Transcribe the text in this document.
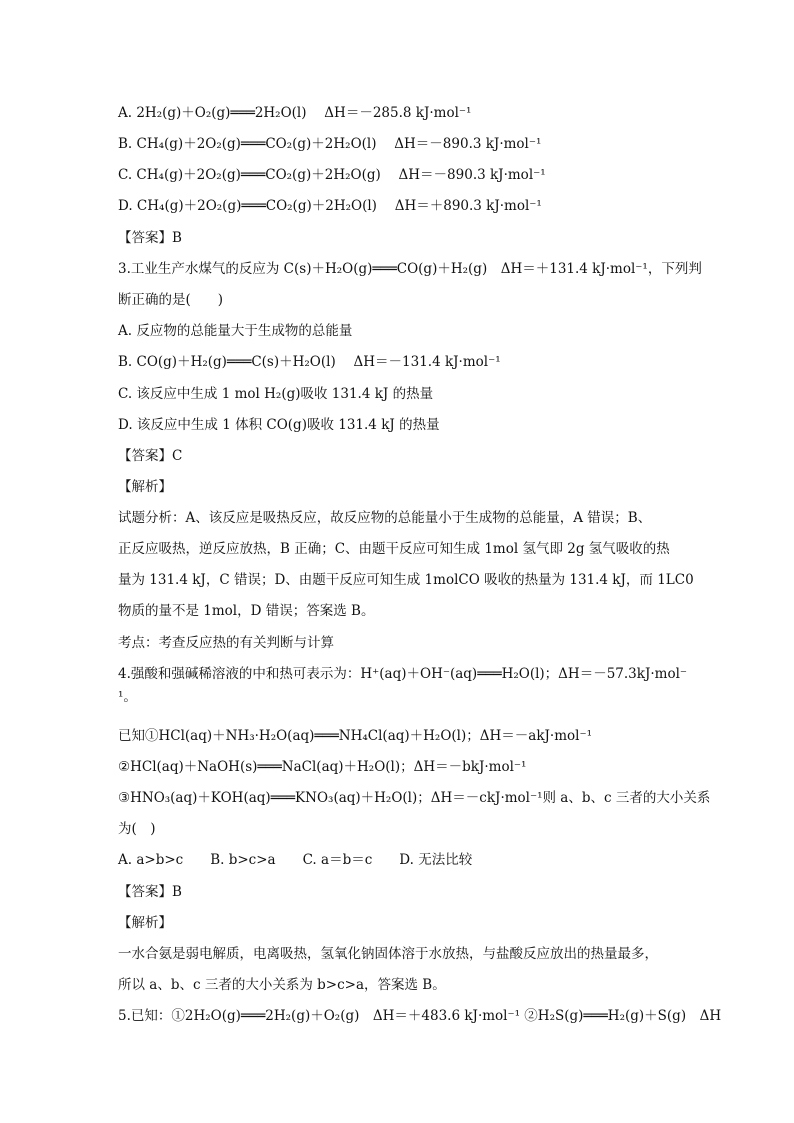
A. 2H₂(g)＋O₂(g)═══2H₂O(l)　 ΔH＝－285.8 kJ·mol⁻¹
B. CH₄(g)＋2O₂(g)═══CO₂(g)＋2H₂O(l)　 ΔH＝－890.3 kJ·mol⁻¹
C. CH₄(g)＋2O₂(g)═══CO₂(g)＋2H₂O(g)　 ΔH＝－890.3 kJ·mol⁻¹
D. CH₄(g)＋2O₂(g)═══CO₂(g)＋2H₂O(l)　 ΔH＝＋890.3 kJ·mol⁻¹
【答案】B
3.工业生产水煤气的反应为 C(s)＋H₂O(g)═══CO(g)＋H₂(g)　ΔH＝＋131.4 kJ·mol⁻¹，下列判
断正确的是(　　)
A. 反应物的总能量大于生成物的总能量
B. CO(g)＋H₂(g)═══C(s)＋H₂O(l)　 ΔH＝－131.4 kJ·mol⁻¹
C. 该反应中生成 1 mol H₂(g)吸收 131.4 kJ 的热量
D. 该反应中生成 1 体积 CO(g)吸收 131.4 kJ 的热量
【答案】C
【解析】
试题分析：A、该反应是吸热反应，故反应物的总能量小于生成物的总能量，A 错误；B、
正反应吸热，逆反应放热，B 正确；C、由题干反应可知生成 1mol 氢气即 2g 氢气吸收的热
量为 131.4 kJ，C 错误；D、由题干反应可知生成 1molCO 吸收的热量为 131.4 kJ，而 1LC0
物质的量不是 1mol，D 错误；答案选 B。
考点：考查反应热的有关判断与计算
4.强酸和强碱稀溶液的中和热可表示为：H⁺(aq)＋OH⁻(aq)═══H₂O(l)；ΔH＝－57.3kJ·mol⁻
¹。
已知①HCl(aq)＋NH₃·H₂O(aq)═══NH₄Cl(aq)＋H₂O(l)；ΔH＝－akJ·mol⁻¹
②HCl(aq)＋NaOH(s)═══NaCl(aq)＋H₂O(l)；ΔH＝－bkJ·mol⁻¹
③HNO₃(aq)＋KOH(aq)═══KNO₃(aq)＋H₂O(l)；ΔH＝－ckJ·mol⁻¹则 a、b、c 三者的大小关系
为(　)
A. a>b>c　　B. b>c>a　　C. a＝b＝c　　D. 无法比较
【答案】B
【解析】
一水合氨是弱电解质，电离吸热，氢氧化钠固体溶于水放热，与盐酸反应放出的热量最多，
所以 a、b、c 三者的大小关系为 b>c>a，答案选 B。
5.已知：①2H₂O(g)═══2H₂(g)＋O₂(g)　ΔH＝＋483.6 kJ·mol⁻¹ ②H₂S(g)═══H₂(g)＋S(g)　ΔH
